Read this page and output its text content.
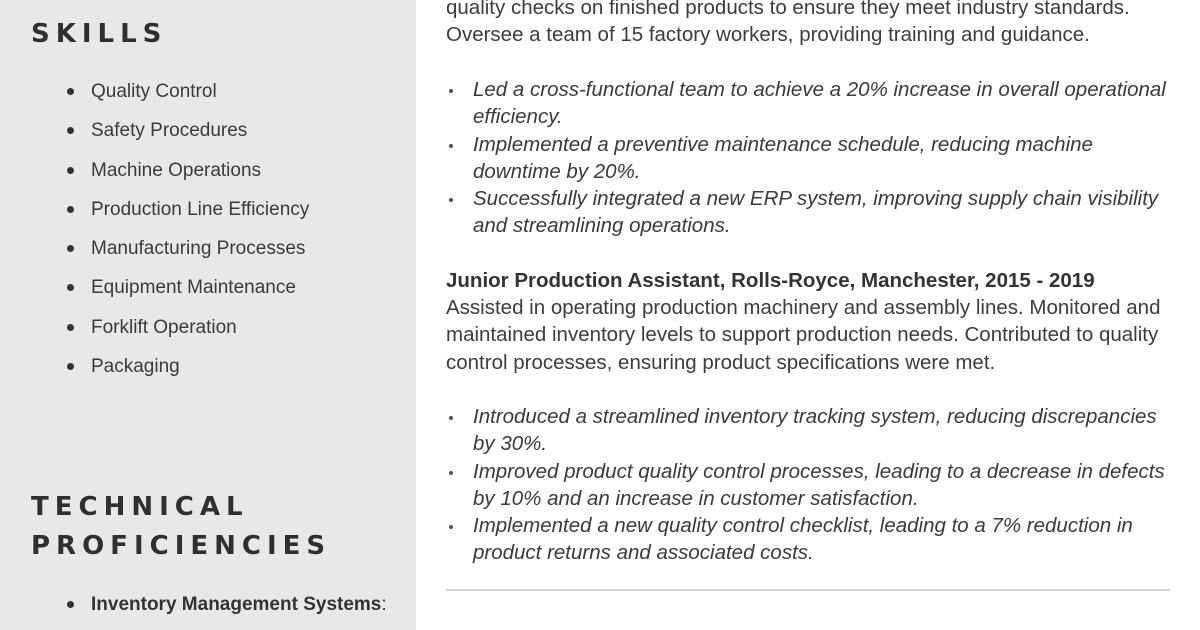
SKILLS
Quality Control
Safety Procedures
Machine Operations
Production Line Efficiency
Manufacturing Processes
Equipment Maintenance
Forklift Operation
Packaging
TECHNICAL
PROFICIENCIES
Inventory Management Systems:

quality checks on finished products to ensure they meet industry standards. Oversee a team of 15 factory workers, providing training and guidance.

Led a cross-functional team to achieve a 20% increase in overall operational efficiency.
Implemented a preventive maintenance schedule, reducing machine downtime by 20%.
Successfully integrated a new ERP system, improving supply chain visibility and streamlining operations.

Junior Production Assistant, Rolls-Royce, Manchester, 2015 - 2019

Assisted in operating production machinery and assembly lines. Monitored and maintained inventory levels to support production needs. Contributed to quality control processes, ensuring product specifications were met.

Introduced a streamlined inventory tracking system, reducing discrepancies by 30%.
Improved product quality control processes, leading to a decrease in defects by 10% and an increase in customer satisfaction.
Implemented a new quality control checklist, leading to a 7% reduction in product returns and associated costs.
